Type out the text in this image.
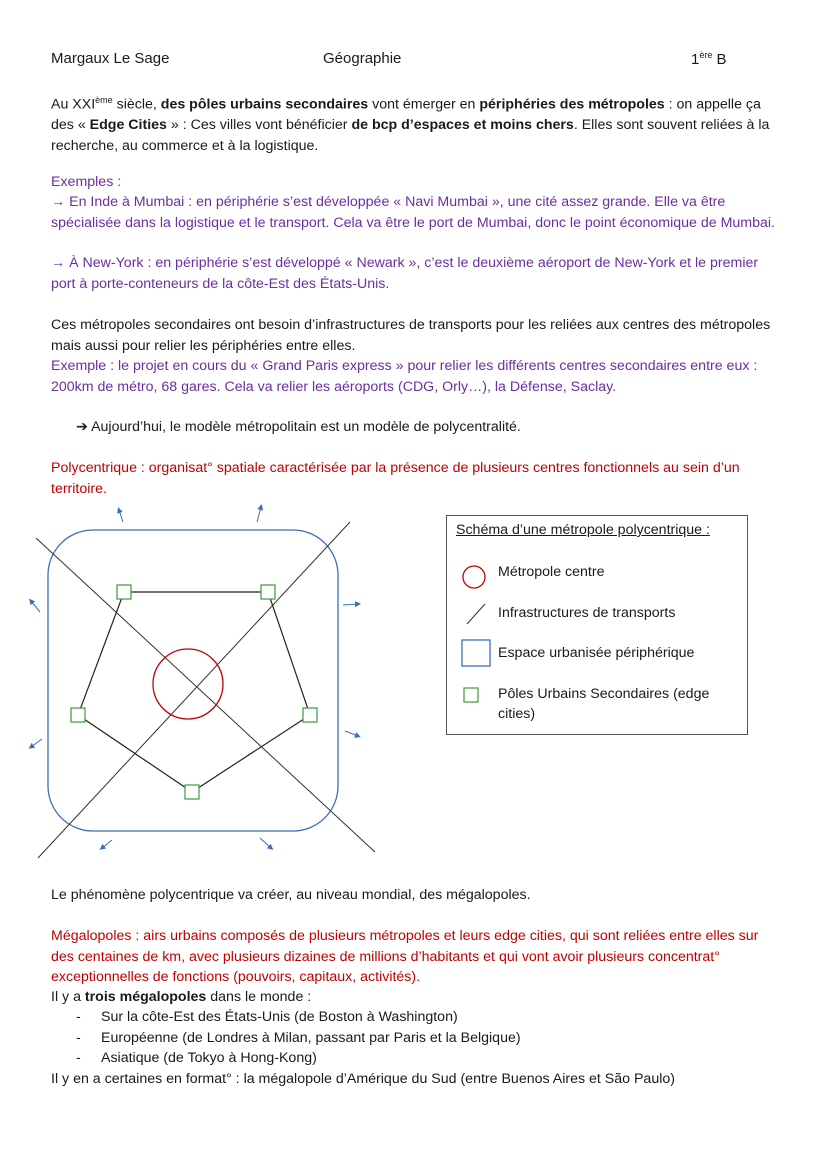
Margaux Le Sage	Géographie	1ère B
Au XXIème siècle, des pôles urbains secondaires vont émerger en périphéries des métropoles : on appelle ça des « Edge Cities » : Ces villes vont bénéficier de bcp d’espaces et moins chers. Elles sont souvent reliées à la recherche, au commerce et à la logistique.
Exemples :
→ En Inde à Mumbai : en périphérie s’est développée « Navi Mumbai », une cité assez grande. Elle va être spécialisée dans la logistique et le transport. Cela va être le port de Mumbai, donc le point économique de Mumbai.
→ À New-York : en périphérie s’est développé « Newark », c’est le deuxième aéroport de New-York et le premier port à porte-conteneurs de la côte-Est des États-Unis.
Ces métropoles secondaires ont besoin d’infrastructures de transports pour les reliées aux centres des métropoles mais aussi pour relier les périphéries entre elles.
Exemple : le projet en cours du « Grand Paris express » pour relier les différents centres secondaires entre eux : 200km de métro, 68 gares. Cela va relier les aéroports (CDG, Orly…), la Défense, Saclay.
➔ Aujourd’hui, le modèle métropolitain est un modèle de polycentralité.
Polycentrique : organisat° spatiale caractérisée par la présence de plusieurs centres fonctionnels au sein d’un territoire.
Schéma d’une métropole polycentrique :
Métropole centre
Infrastructures de transports
Espace urbanisée périphérique
Pôles Urbains Secondaires (edge cities)
Le phénomène polycentrique va créer, au niveau mondial, des mégalopoles.
Mégalopoles : airs urbains composés de plusieurs métropoles et leurs edge cities, qui sont reliées entre elles sur des centaines de km, avec plusieurs dizaines de millions d’habitants et qui vont avoir plusieurs concentrat° exceptionnelles de fonctions (pouvoirs, capitaux, activités).
Il y a trois mégalopoles dans le monde :
- Sur la côte-Est des États-Unis (de Boston à Washington)
- Européenne (de Londres à Milan, passant par Paris et la Belgique)
- Asiatique (de Tokyo à Hong-Kong)
Il y en a certaines en format° : la mégalopole d’Amérique du Sud (entre Buenos Aires et São Paulo)
